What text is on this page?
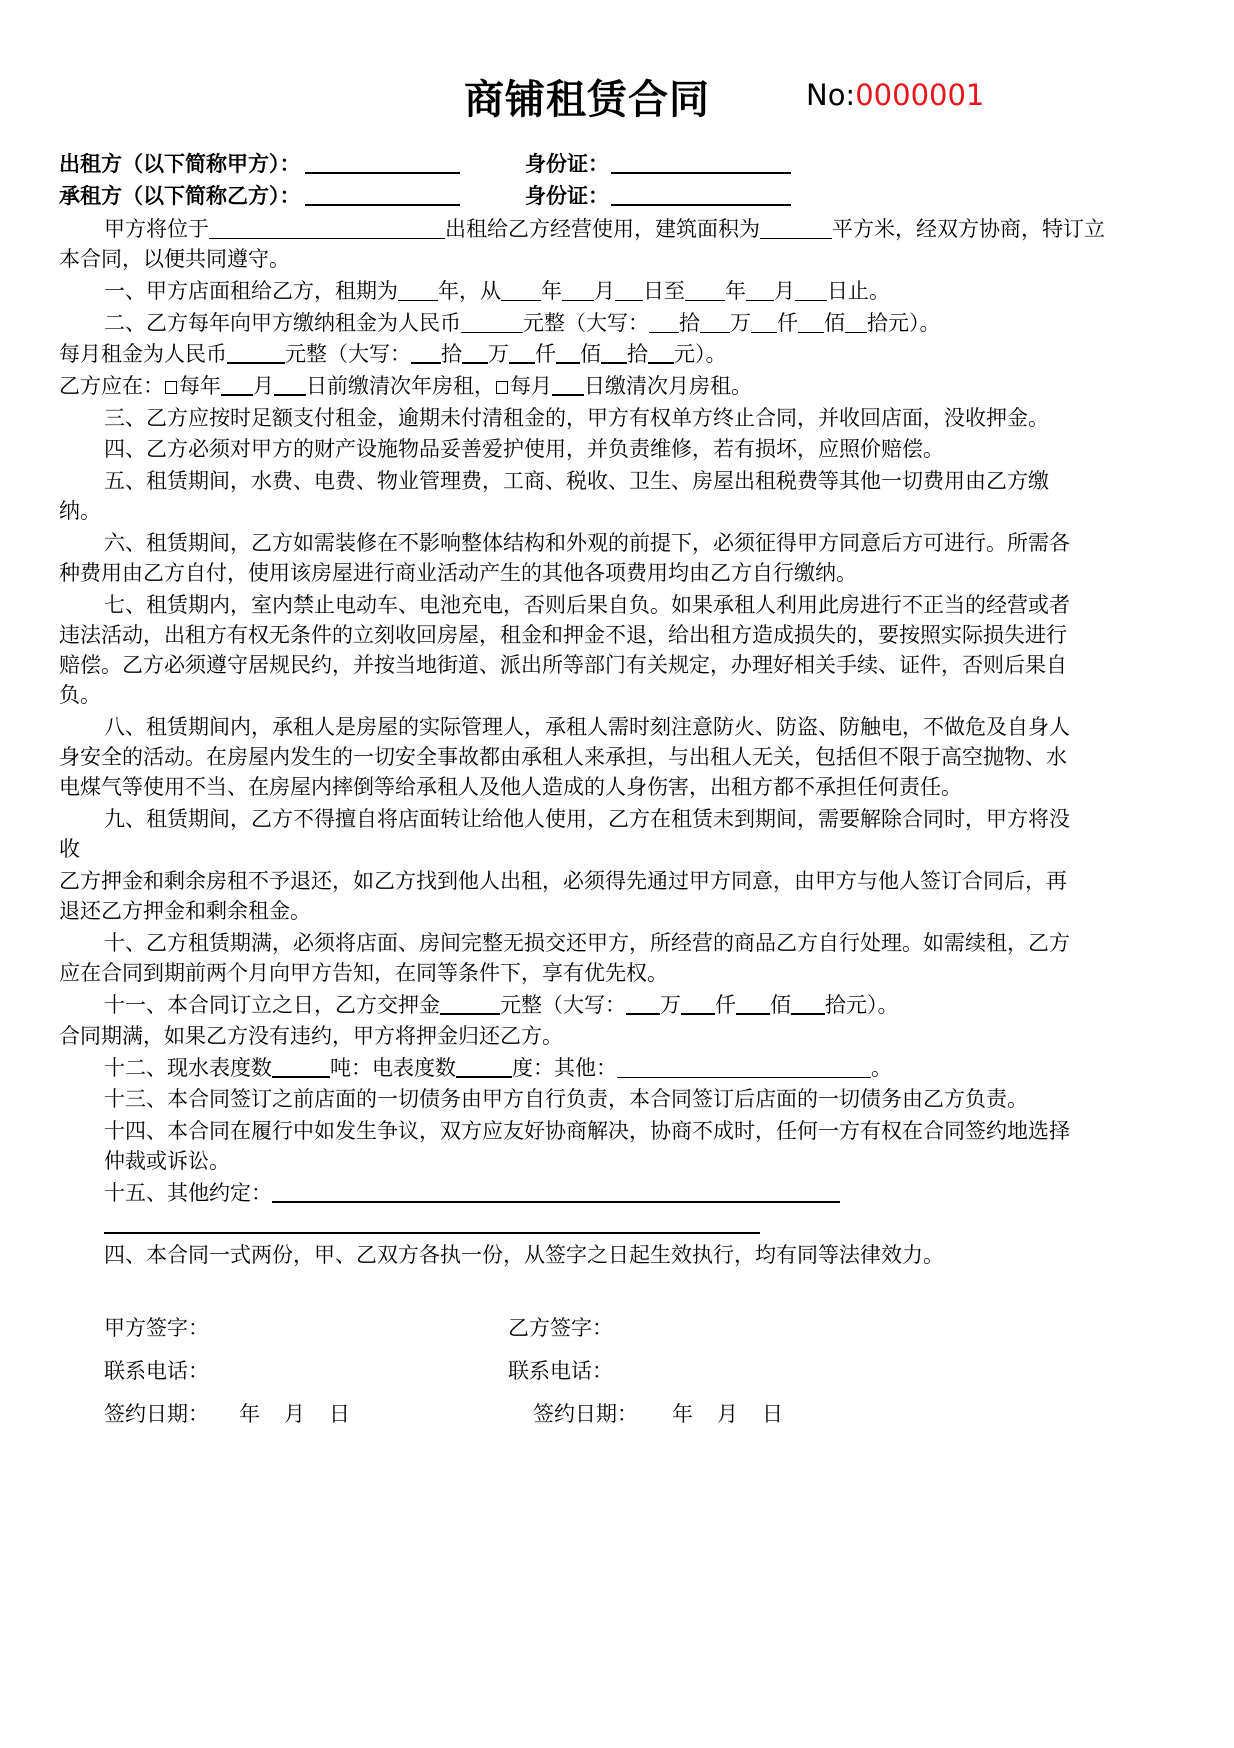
商铺租赁合同	No:0000001
出租方（以下简称甲方）：	身份证：
承租方（以下简称乙方）：	身份证：
甲方将位于	出租给乙方经营使用，建筑面积为	平方米，经双方协商，特订立
本合同，以便共同遵守。
一、甲方店面租给乙方，租期为 年，从 年 月 日至 年 月 日止。
二、乙方每年向甲方缴纳租金为人民币	元整（大写： 拾 万 仟 佰 拾元）。
每月租金为人民币	元整（大写： 拾 万 仟 佰 拾 元）。
乙方应在： 每年 月 日前缴清次年房租， 每月 日缴清次月房租。
三、乙方应按时足额支付租金，逾期未付清租金的，甲方有权单方终止合同，并收回店面，没收押金。
四、乙方必须对甲方的财产设施物品妥善爱护使用，并负责维修，若有损坏，应照价赔偿。
五、租赁期间，水费、电费、物业管理费，工商、税收、卫生、房屋出租税费等其他一切费用由乙方缴
纳。
六、租赁期间，乙方如需装修在不影响整体结构和外观的前提下，必须征得甲方同意后方可进行。所需各
种费用由乙方自付，使用该房屋进行商业活动产生的其他各项费用均由乙方自行缴纳。
七、租赁期内，室内禁止电动车、电池充电，否则后果自负。如果承租人利用此房进行不正当的经营或者
违法活动，出租方有权无条件的立刻收回房屋，租金和押金不退，给出租方造成损失的，要按照实际损失进行
赔偿。乙方必须遵守居规民约，并按当地街道、派出所等部门有关规定，办理好相关手续、证件，否则后果自
负。
八、租赁期间内，承租人是房屋的实际管理人，承租人需时刻注意防火、防盗、防触电，不做危及自身人
身安全的活动。在房屋内发生的一切安全事故都由承租人来承担，与出租人无关，包括但不限于高空抛物、水
电煤气等使用不当、在房屋内摔倒等给承租人及他人造成的人身伤害，出租方都不承担任何责任。
九、租赁期间，乙方不得擅自将店面转让给他人使用，乙方在租赁未到期间，需要解除合同时，甲方将没
收
乙方押金和剩余房租不予退还，如乙方找到他人出租，必须得先通过甲方同意，由甲方与他人签订合同后，再
退还乙方押金和剩余租金。
十、乙方租赁期满，必须将店面、房间完整无损交还甲方，所经营的商品乙方自行处理。如需续租，乙方
应在合同到期前两个月向甲方告知，在同等条件下，享有优先权。
十一、本合同订立之日，乙方交押金	元整（大写： 万 仟 佰 拾元）。
合同期满，如果乙方没有违约，甲方将押金归还乙方。
十二、现水表度数	吨：电表度数	度：其他：	。
十三、本合同签订之前店面的一切债务由甲方自行负责，本合同签订后店面的一切债务由乙方负责。
十四、本合同在履行中如发生争议，双方应友好协商解决，协商不成时，任何一方有权在合同签约地选择
仲裁或诉讼。
十五、其他约定：
四、本合同一式两份，甲、乙双方各执一份，从签字之日起生效执行，均有同等法律效力。
甲方签字：	乙方签字：
联系电话：	联系电话：
签约日期： 年 月 日	签约日期： 年 月 日
